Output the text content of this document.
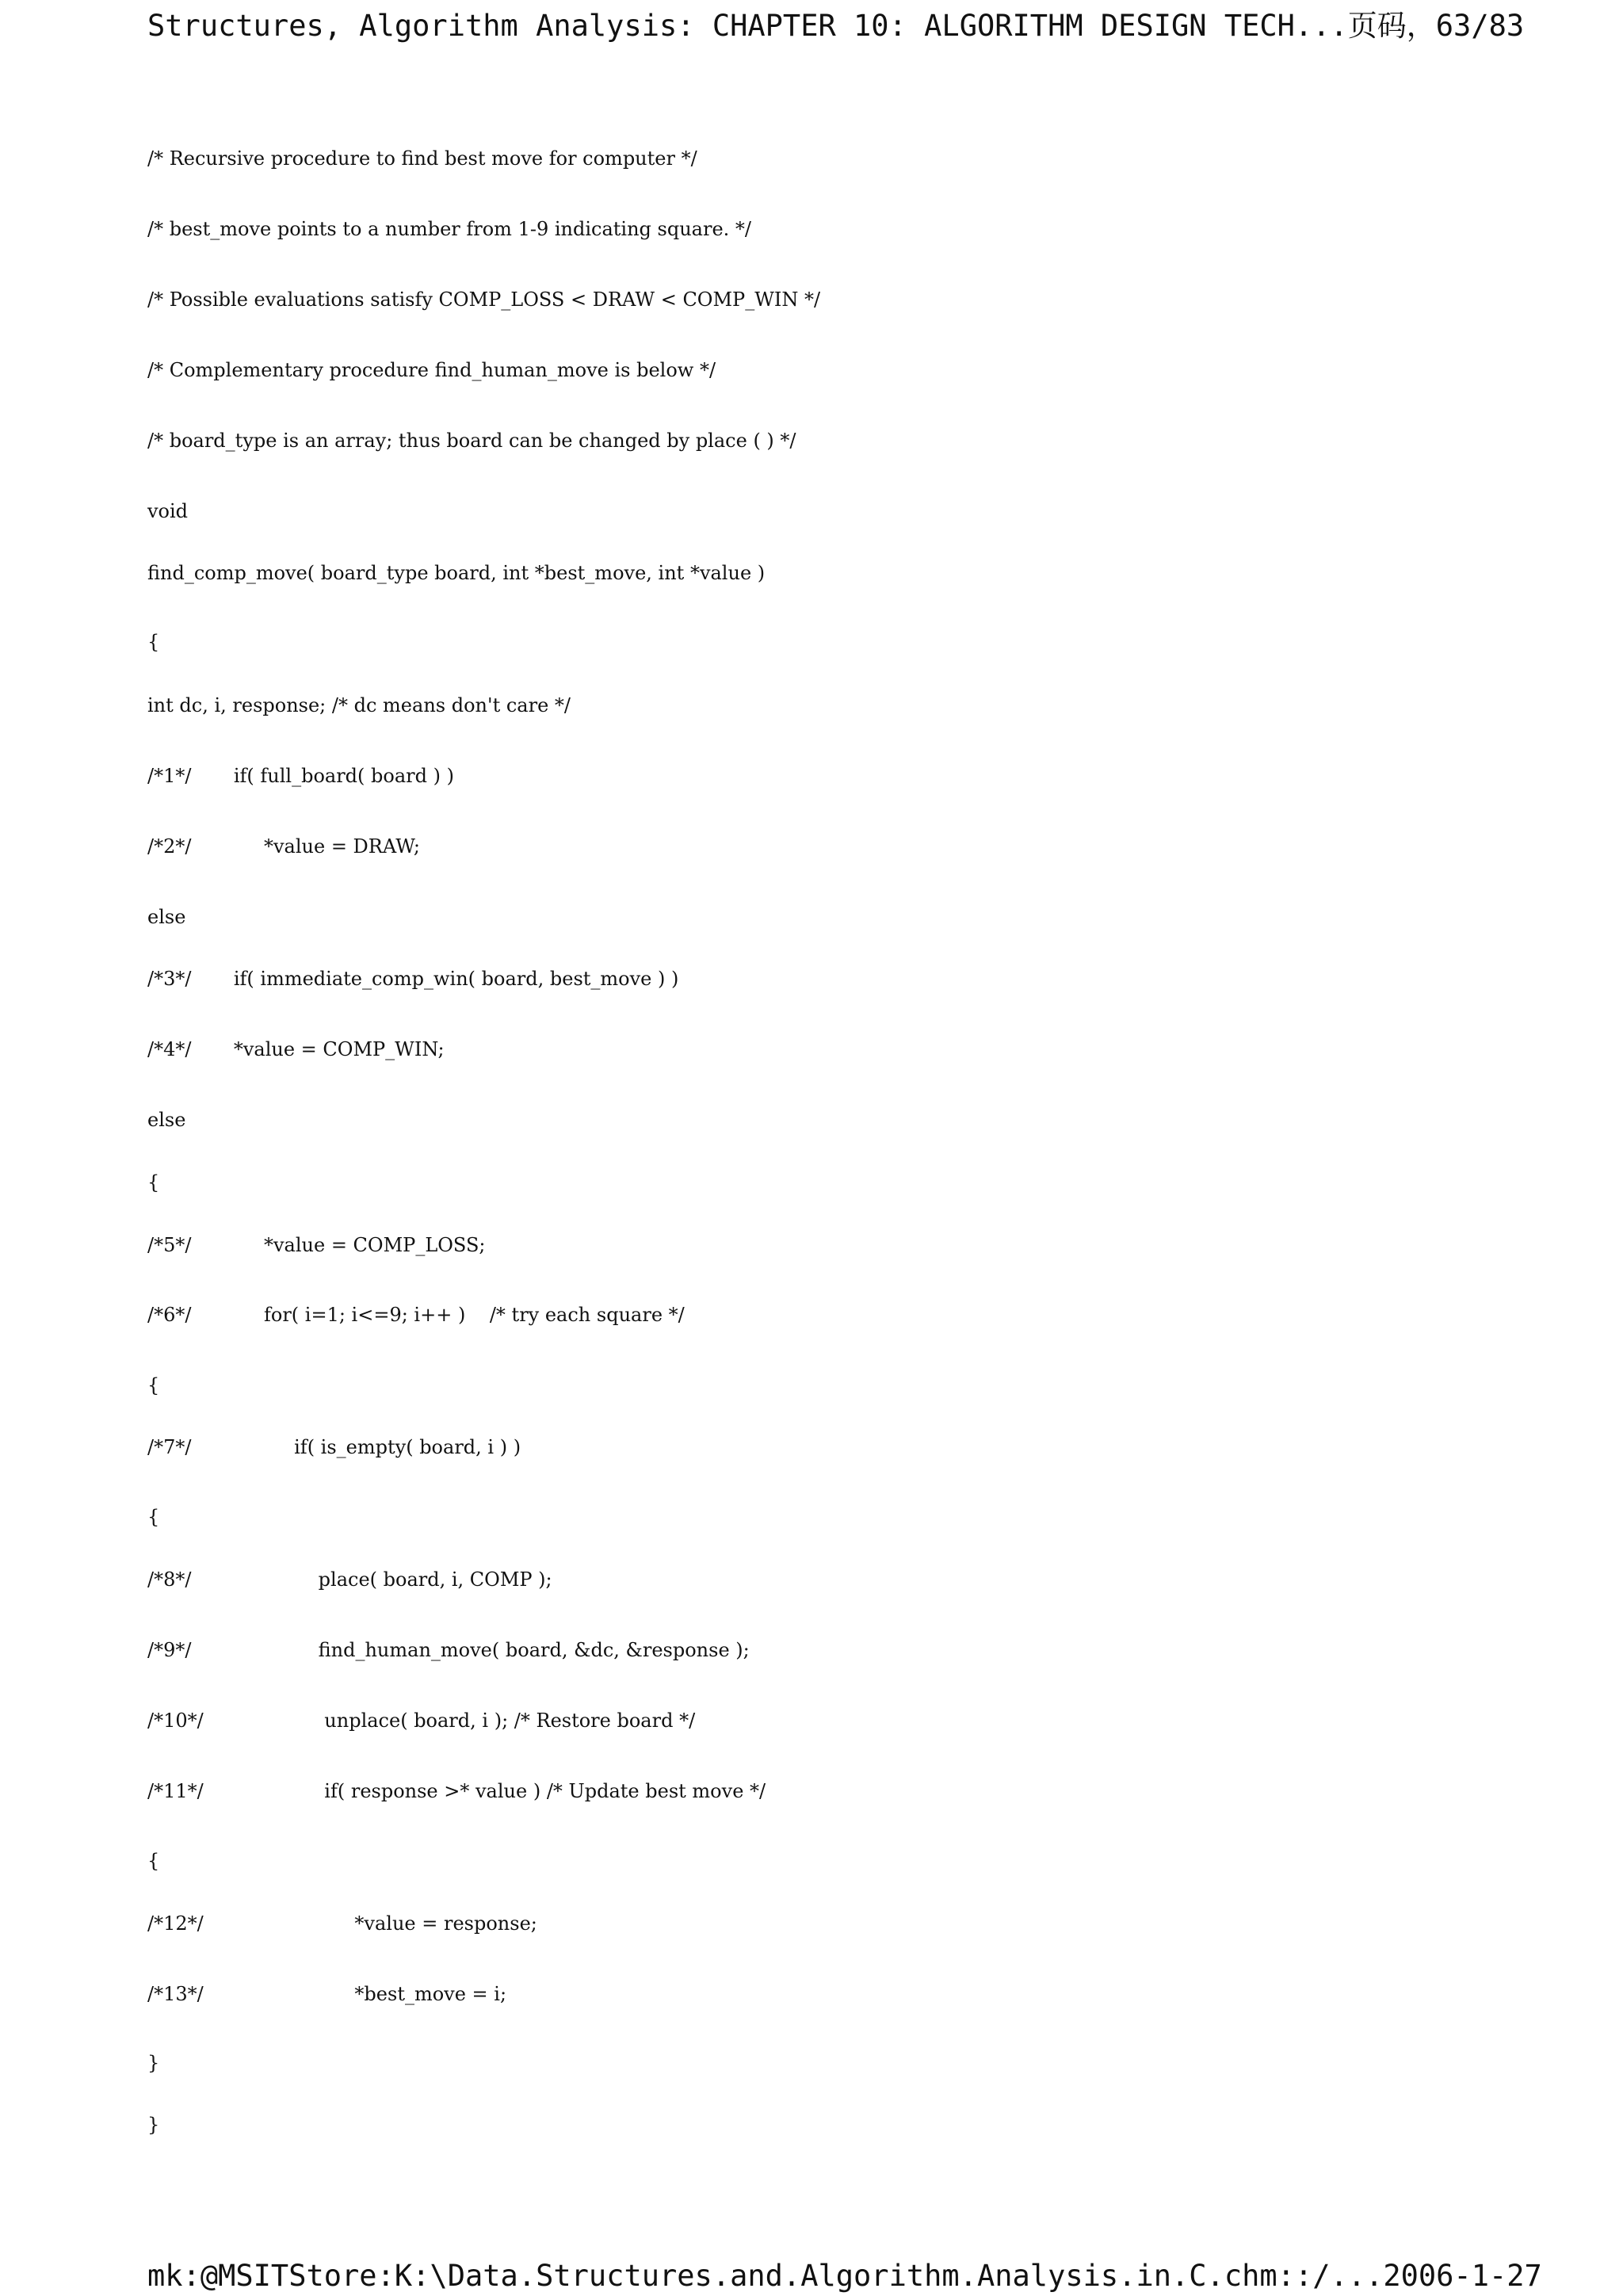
Structures, Algorithm Analysis: CHAPTER 10: ALGORITHM DESIGN TECH... 页码，63/83

/* Recursive procedure to find best move for computer */

/* best_move points to a number from 1-9 indicating square. */

/* Possible evaluations satisfy COMP_LOSS < DRAW < COMP_WIN */

/* Complementary procedure find_human_move is below */

/* board_type is an array; thus board can be changed by place ( ) */

void

find_comp_move( board_type board, int *best_move, int *value )

{

int dc, i, response; /* dc means don't care */

/*1*/       if( full_board( board ) )

/*2*/            *value = DRAW;

else

/*3*/       if( immediate_comp_win( board, best_move ) )

/*4*/       *value = COMP_WIN;

else

{

/*5*/            *value = COMP_LOSS;

/*6*/            for( i=1; i<=9; i++ )    /* try each square */

{

/*7*/                 if( is_empty( board, i ) )

{

/*8*/                     place( board, i, COMP );

/*9*/                     find_human_move( board, &dc, &response );

/*10*/                    unplace( board, i ); /* Restore board */

/*11*/                    if( response >* value ) /* Update best move */

{

/*12*/                         *value = response;

/*13*/                         *best_move = i;

}

}

mk:@MSITStore:K:\Data.Structures.and.Algorithm.Analysis.in.C.chm::/... 2006-1-27
